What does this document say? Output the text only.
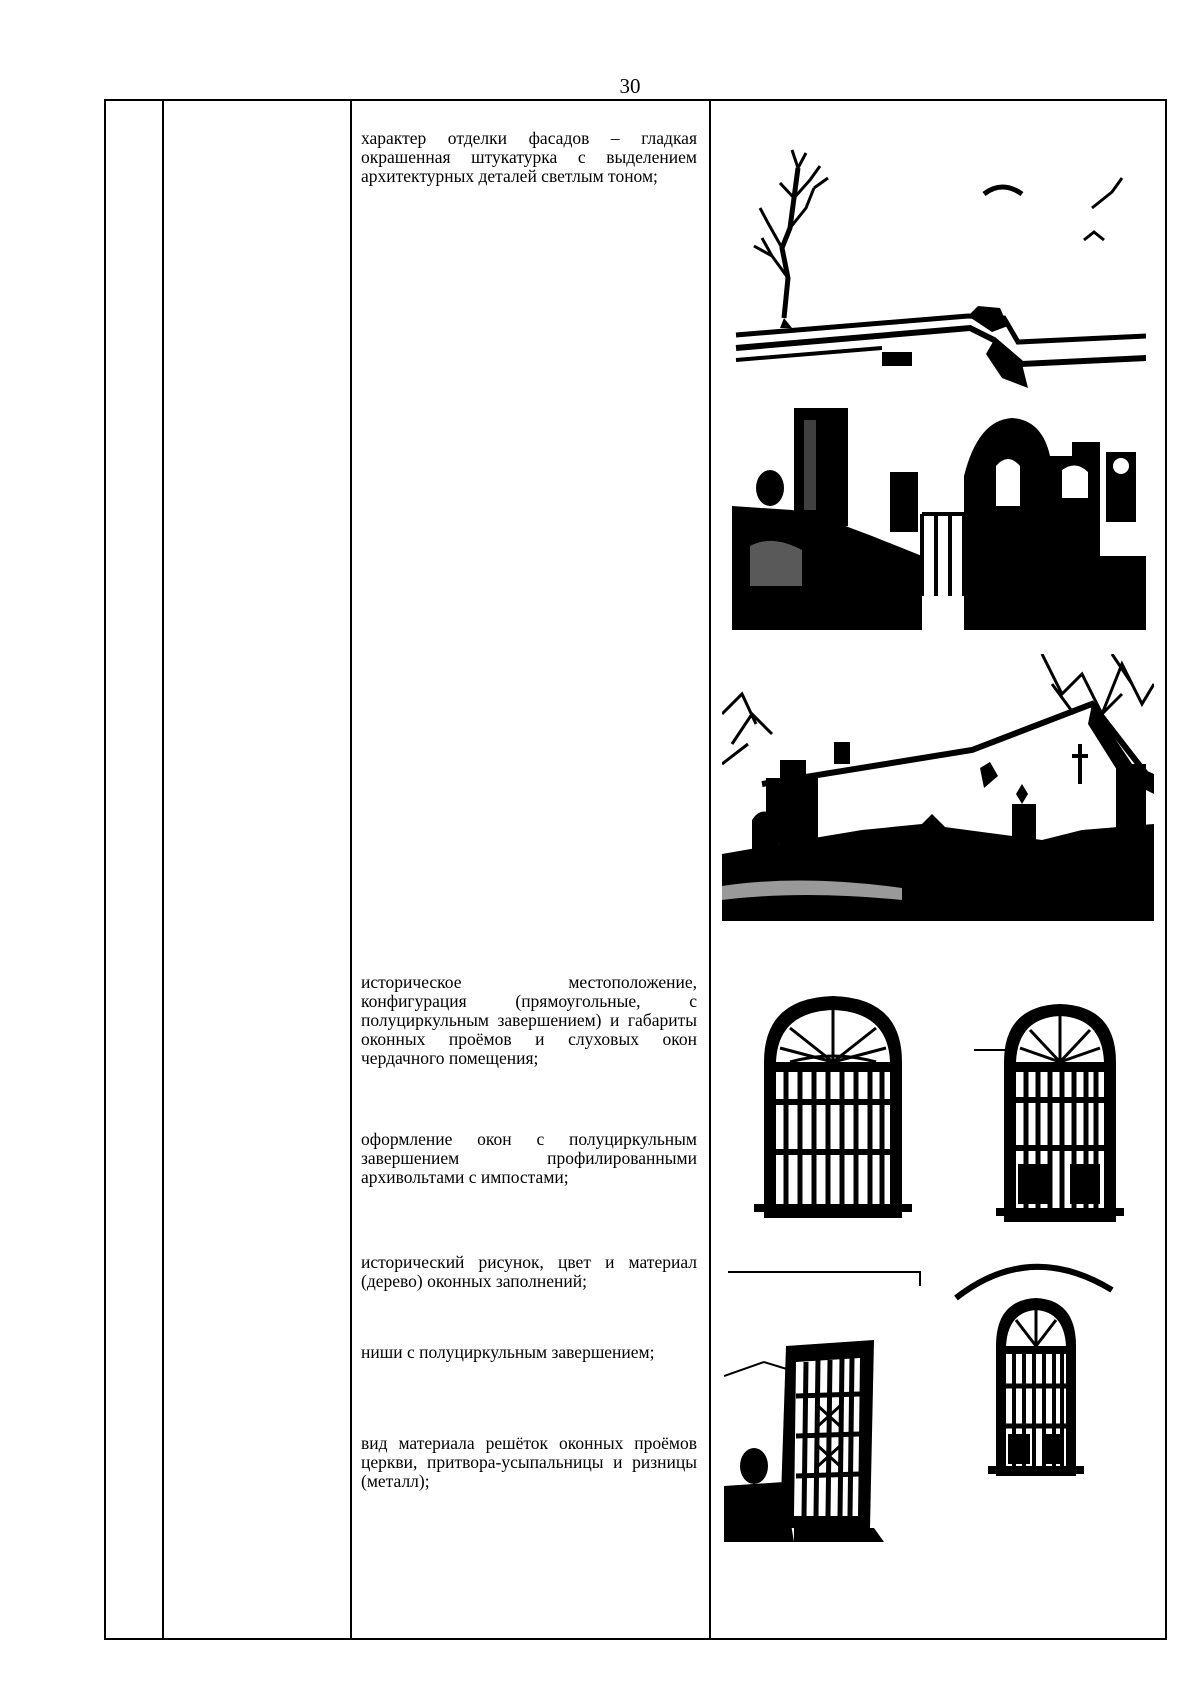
30
характер отделки фасадов – гладкая окрашенная штукатурка с выделением архитектурных деталей светлым тоном;
историческое местоположение, конфигурация (прямоугольные, с полуциркульным завершением) и габариты оконных проёмов и слуховых окон чердачного помещения;
оформление окон с полуциркульным завершением профилированными архивольтами с импостами;
исторический рисунок, цвет и материал (дерево) оконных заполнений;
ниши с полуциркульным завершением;
вид материала решёток оконных проёмов церкви, притвора-усыпальницы и ризницы (металл);
